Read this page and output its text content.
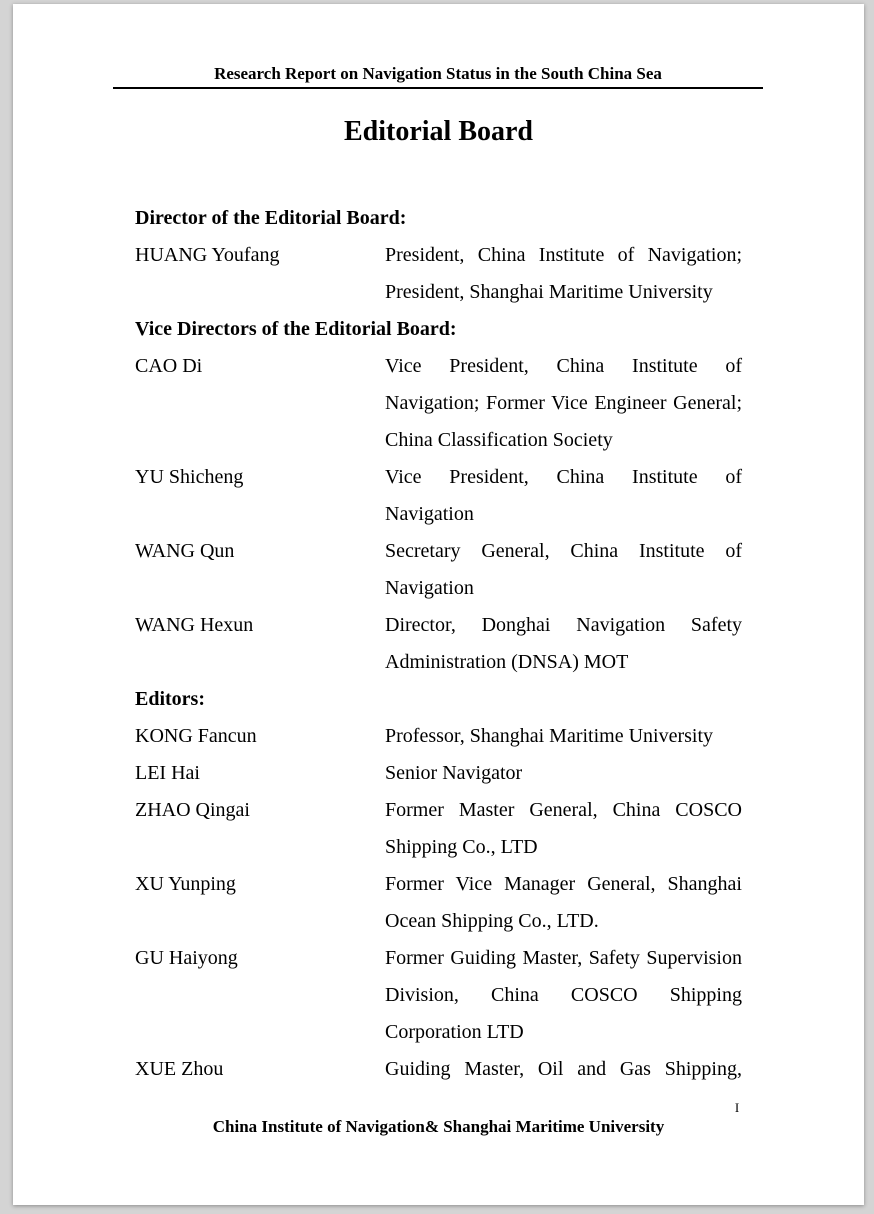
Research Report on Navigation Status in the South China Sea
Editorial Board
Director of the Editorial Board:
HUANG Youfang	President, China Institute of Navigation;
President, Shanghai Maritime University
Vice Directors of the Editorial Board:
CAO Di	Vice President, China Institute of
Navigation; Former Vice Engineer General;
China Classification Society
YU Shicheng	Vice President, China Institute of
Navigation
WANG Qun	Secretary General, China Institute of
Navigation
WANG Hexun	Director, Donghai Navigation Safety
Administration (DNSA) MOT
Editors:
KONG Fancun	Professor, Shanghai Maritime University
LEI Hai	Senior Navigator
ZHAO Qingai	Former Master General, China COSCO
Shipping Co., LTD
XU Yunping	Former Vice Manager General, Shanghai
Ocean Shipping Co., LTD.
GU Haiyong	Former Guiding Master, Safety Supervision
Division, China COSCO Shipping
Corporation LTD
XUE Zhou	Guiding Master, Oil and Gas Shipping,
I
China Institute of Navigation& Shanghai Maritime University
